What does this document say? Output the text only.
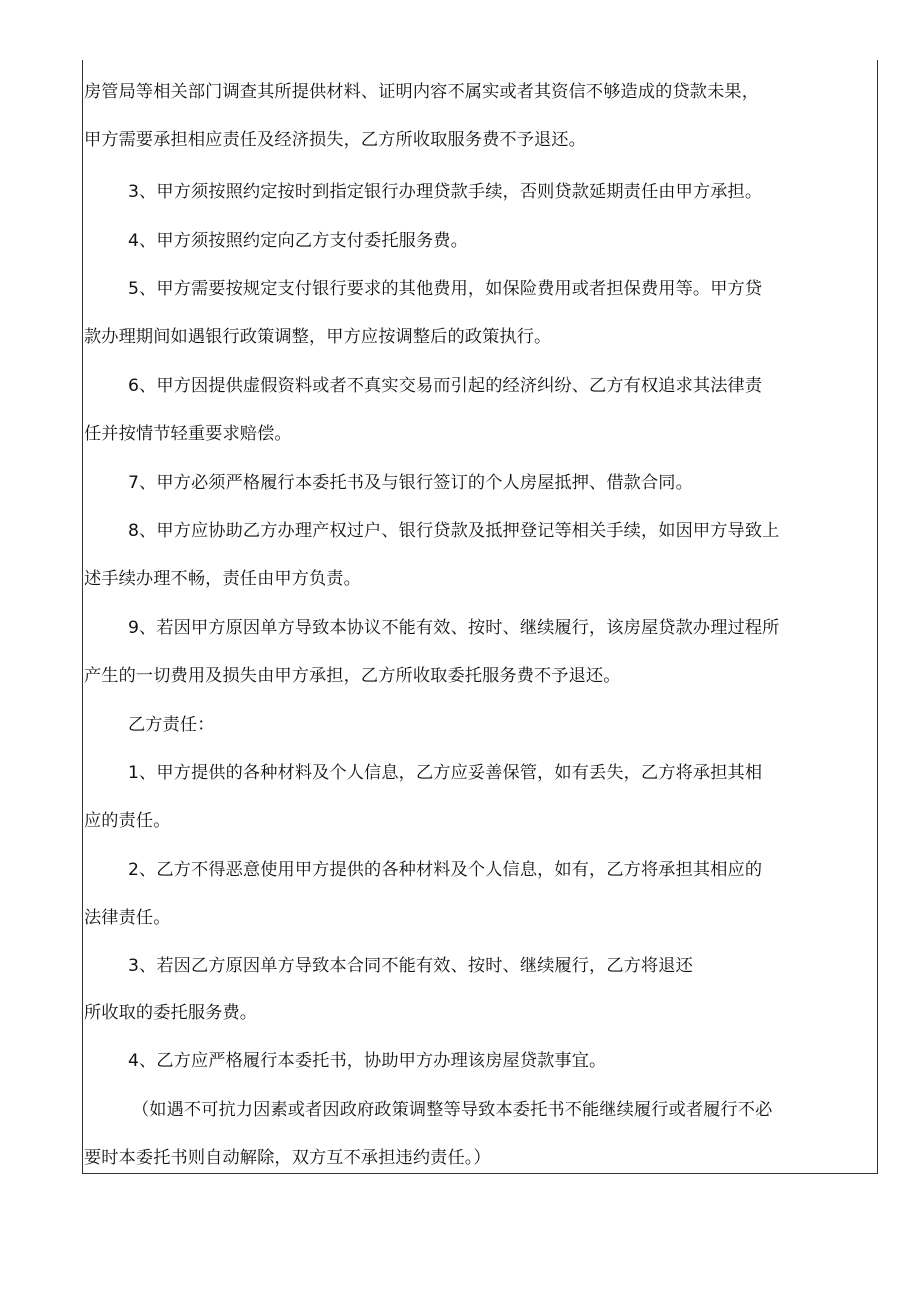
房管局等相关部门调查其所提供材料、证明内容不属实或者其资信不够造成的贷款未果，
甲方需要承担相应责任及经济损失，乙方所收取服务费不予退还。
3、甲方须按照约定按时到指定银行办理贷款手续，否则贷款延期责任由甲方承担。
4、甲方须按照约定向乙方支付委托服务费。
5、甲方需要按规定支付银行要求的其他费用，如保险费用或者担保费用等。甲方贷
款办理期间如遇银行政策调整，甲方应按调整后的政策执行。
6、甲方因提供虚假资料或者不真实交易而引起的经济纠纷、乙方有权追求其法律责
任并按情节轻重要求赔偿。
7、甲方必须严格履行本委托书及与银行签订的个人房屋抵押、借款合同。
8、甲方应协助乙方办理产权过户、银行贷款及抵押登记等相关手续，如因甲方导致上
述手续办理不畅，责任由甲方负责。
9、若因甲方原因单方导致本协议不能有效、按时、继续履行，该房屋贷款办理过程所
产生的一切费用及损失由甲方承担，乙方所收取委托服务费不予退还。
乙方责任：
1、甲方提供的各种材料及个人信息，乙方应妥善保管，如有丢失，乙方将承担其相
应的责任。
2、乙方不得恶意使用甲方提供的各种材料及个人信息，如有，乙方将承担其相应的
法律责任。
3、若因乙方原因单方导致本合同不能有效、按时、继续履行，乙方将退还
所收取的委托服务费。
4、乙方应严格履行本委托书，协助甲方办理该房屋贷款事宜。
（如遇不可抗力因素或者因政府政策调整等导致本委托书不能继续履行或者履行不必
要时本委托书则自动解除，双方互不承担违约责任。）
